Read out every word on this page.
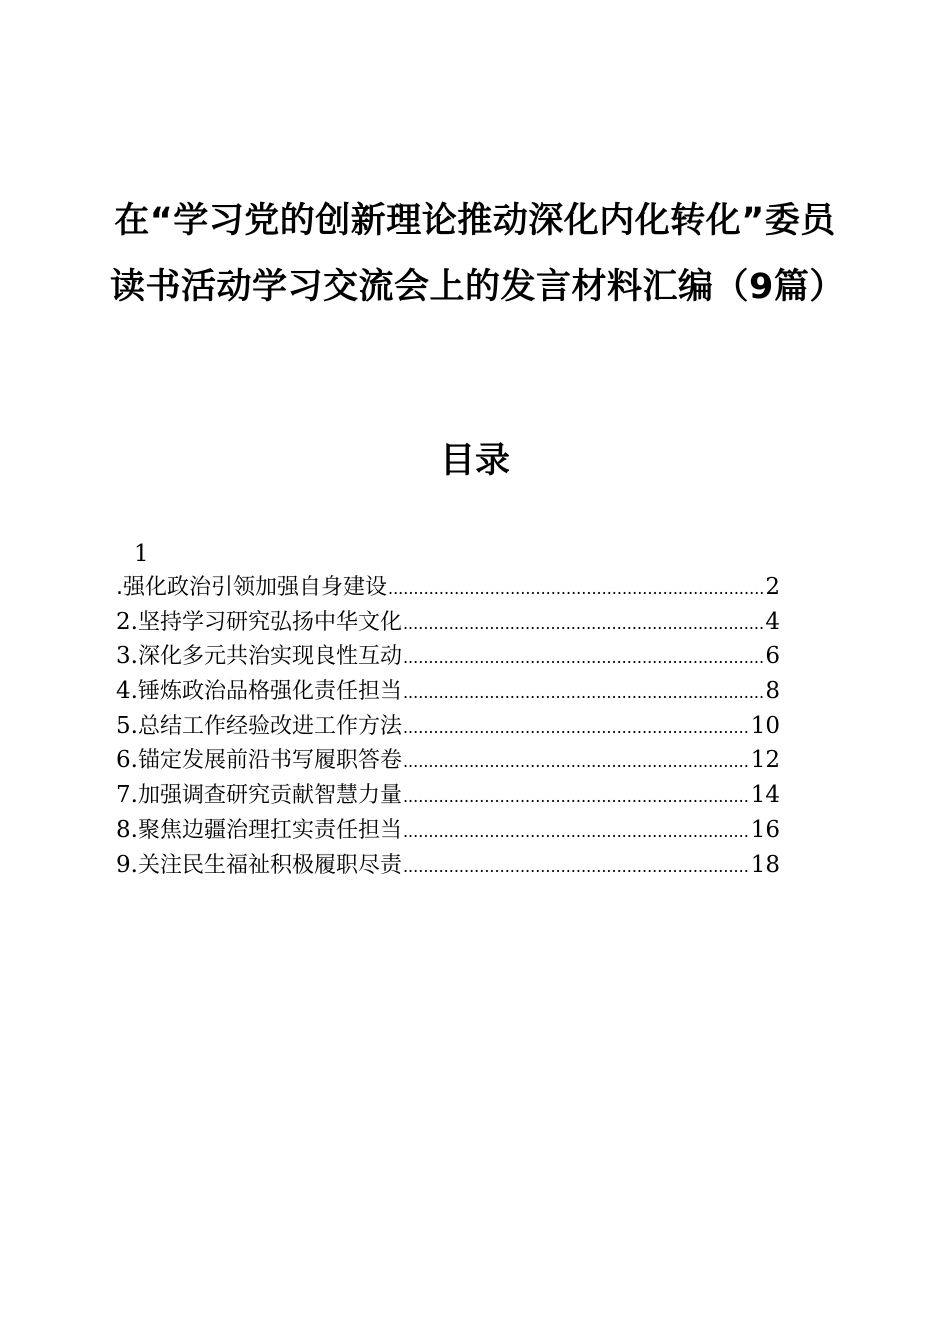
在“学习党的创新理论推动深化内化转化”委员读书活动学习交流会上的发言材料汇编（9篇）
目录
1
.强化政治引领加强自身建设 .....	2
2. 坚持学习研究弘扬中华文化 .....	4
3. 深化多元共治实现良性互动 .....	6
4. 锤炼政治品格强化责任担当 .....	8
5. 总结工作经验改进工作方法 .....	10
6. 锚定发展前沿书写履职答卷 .....	12
7. 加强调查研究贡献智慧力量 .....	14
8. 聚焦边疆治理扛实责任担当 .....	16
9. 关注民生福祉积极履职尽责 .....	18
